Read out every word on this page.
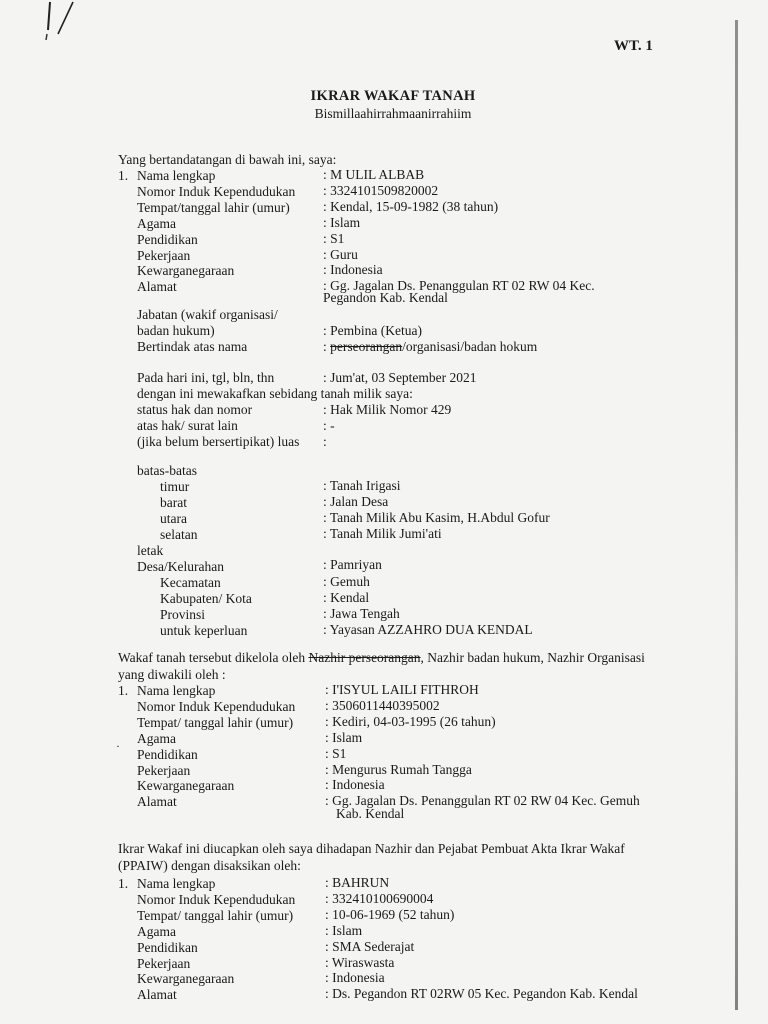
WT. 1
IKRAR WAKAF TANAH
Bismillaahirrahmaanirrahiim
Yang bertandatangan di bawah ini, saya:
1. Nama lengkap	: M ULIL ALBAB
Nomor Induk Kependudukan : 3324101509820002
Tempat/tanggal lahir (umur) : Kendal, 15-09-1982 (38 tahun)
Agama	: Islam
Pendidikan	: S1
Pekerjaan	: Guru
Kewarganegaraan	: Indonesia
Alamat	: Gg. Jagalan Ds. Penanggulan RT 02 RW 04 Kec.
Pegandon Kab. Kendal
Jabatan (wakif organisasi/
badan hukum)	: Pembina (Ketua)
Bertindak atas nama	: perseorangan/organisasi/badan hokum
Pada hari ini, tgl, bln, thn	: Jum'at, 03 September 2021
dengan ini mewakafkan sebidang tanah milik saya:
status hak dan nomor	: Hak Milik Nomor 429
atas hak/ surat lain	: -
(jika belum bersertipikat) luas :
batas-batas
timur	: Tanah Irigasi
barat	: Jalan Desa
utara	: Tanah Milik Abu Kasim, H.Abdul Gofur
selatan	: Tanah Milik Jumi'ati
letak
Desa/Kelurahan	: Pamriyan
Kecamatan	: Gemuh
Kabupaten/ Kota	: Kendal
Provinsi	: Jawa Tengah
untuk keperluan	: Yayasan AZZAHRO DUA KENDAL
Wakaf tanah tersebut dikelola oleh Nazhir perseorangan, Nazhir badan hukum, Nazhir Organisasi
yang diwakili oleh :
1. Nama lengkap	: I'ISYUL LAILI FITHROH
Nomor Induk Kependudukan : 3506011440395002
Tempat/ tanggal lahir (umur) : Kediri, 04-03-1995 (26 tahun)
Agama	: Islam
Pendidikan	: S1
Pekerjaan	: Mengurus Rumah Tangga
Kewarganegaraan	: Indonesia
Alamat	: Gg. Jagalan Ds. Penanggulan RT 02 RW 04 Kec. Gemuh
Kab. Kendal
·
Ikrar Wakaf ini diucapkan oleh saya dihadapan Nazhir dan Pejabat Pembuat Akta Ikrar Wakaf
(PPAIW) dengan disaksikan oleh:
1. Nama lengkap	: BAHRUN
Nomor Induk Kependudukan : 332410100690004
Tempat/ tanggal lahir (umur) : 10-06-1969 (52 tahun)
Agama	: Islam
Pendidikan	: SMA Sederajat
Pekerjaan	: Wiraswasta
Kewarganegaraan	: Indonesia
Alamat	: Ds. Pegandon RT 02RW 05 Kec. Pegandon Kab. Kendal
